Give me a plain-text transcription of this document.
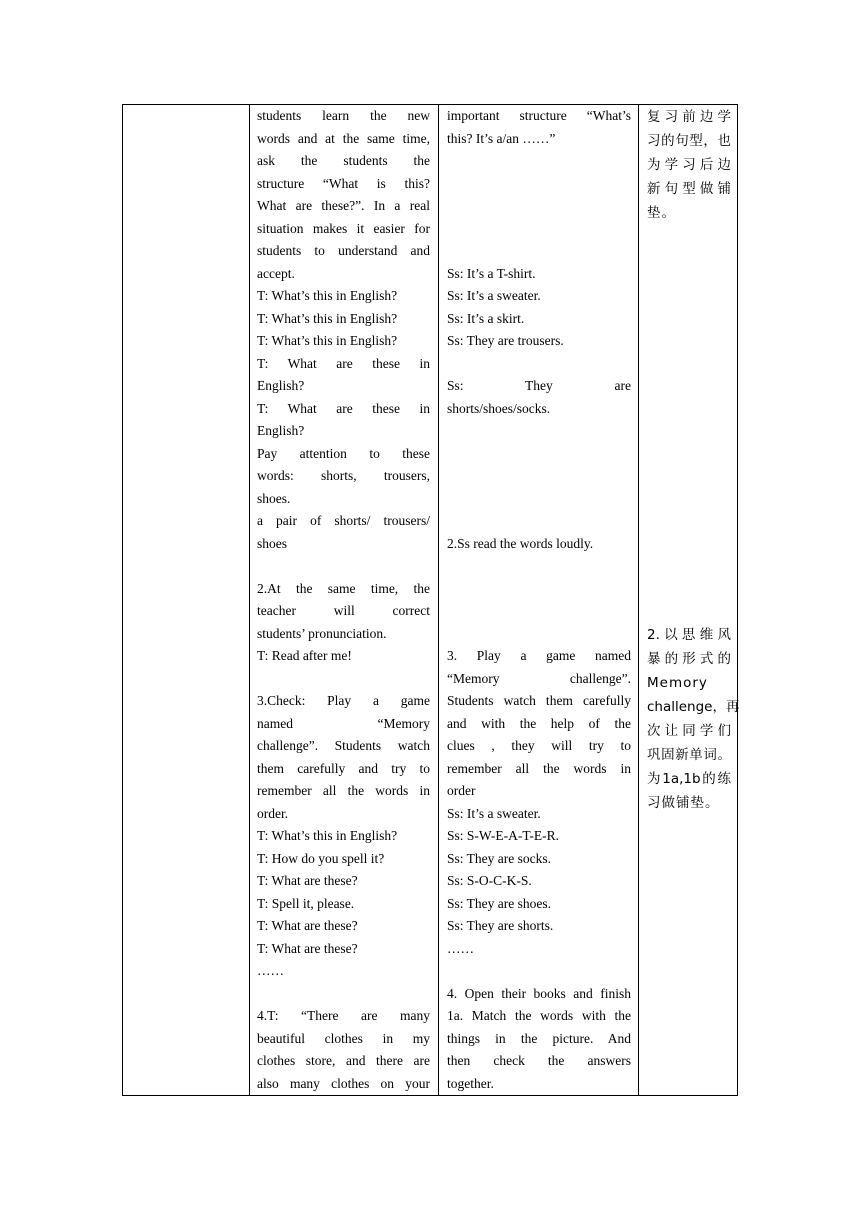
students learn the new
words and at the same time,
ask the students the
structure “What is this?
What are these?”. In a real
situation makes it easier for
students to understand and
accept.
T: What’s this in English?
T: What’s this in English?
T: What’s this in English?
T: What are these in
English?
T: What are these in
English?
Pay attention to these
words: shorts, trousers,
shoes.
a pair of shorts/ trousers/
shoes
2.At the same time, the
teacher will correct
students’ pronunciation.
T: Read after me!
3.Check: Play a game
named “Memory
challenge”. Students watch
them carefully and try to
remember all the words in
order.
T: What’s this in English?
T: How do you spell it?
T: What are these?
T: Spell it, please.
T: What are these?
T: What are these?
……
4.T: “There are many
beautiful clothes in my
clothes store, and there are
also many clothes on your
important structure “What’s
this? It’s a/an ……”
Ss: It’s a T-shirt.
Ss: It’s a sweater.
Ss: It’s a skirt.
Ss: They are trousers.
Ss: They are
shorts/shoes/socks.
2.Ss read the words loudly.
3. Play a game named
“Memory challenge”.
Students watch them carefully
and with the help of the
clues , they will try to
remember all the words in
order
Ss: It’s a sweater.
Ss: S-W-E-A-T-E-R.
Ss: They are socks.
Ss: S-O-C-K-S.
Ss: They are shoes.
Ss: They are shorts.
……
4. Open their books and finish
1a. Match the words with the
things in the picture. And
then check the answers
together.
复习前边学
习的句型，也
为学习后边
新句型做铺
垫。
2.以思维风
暴的形式的
Memory
challenge，再
次让同学们
巩固新单词。
为1a,1b的练
习做铺垫。
